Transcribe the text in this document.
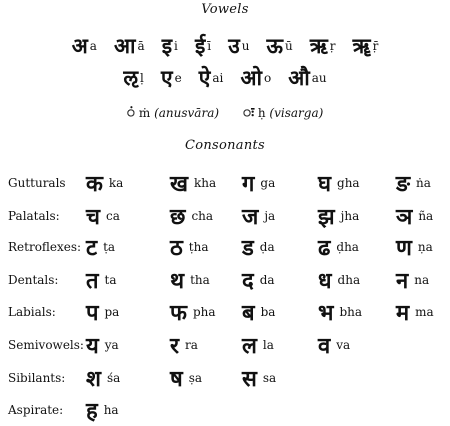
Vowels
अ a आ ā इ i ई ī उ u ऊ ū ऋ ṛ ॠ ṝ
ऌ ḷ ए e ऐ ai ओ o औ au
ं ṁ (anusvāra) ः ḥ (visarga)
Consonants
Gutturals कka खkha गga घgha ङṅa
Palatals: चca छcha जja झjha ञña
Retroflexes: टṭa ठṭha डḍa ढḍha णṇa
Dentals: तta थtha दda धdha नna
Labials: पpa फpha बba भbha मma
Semivowels: यya रra लla वva
Sibilants: शśa षṣa सsa
Aspirate: हha
